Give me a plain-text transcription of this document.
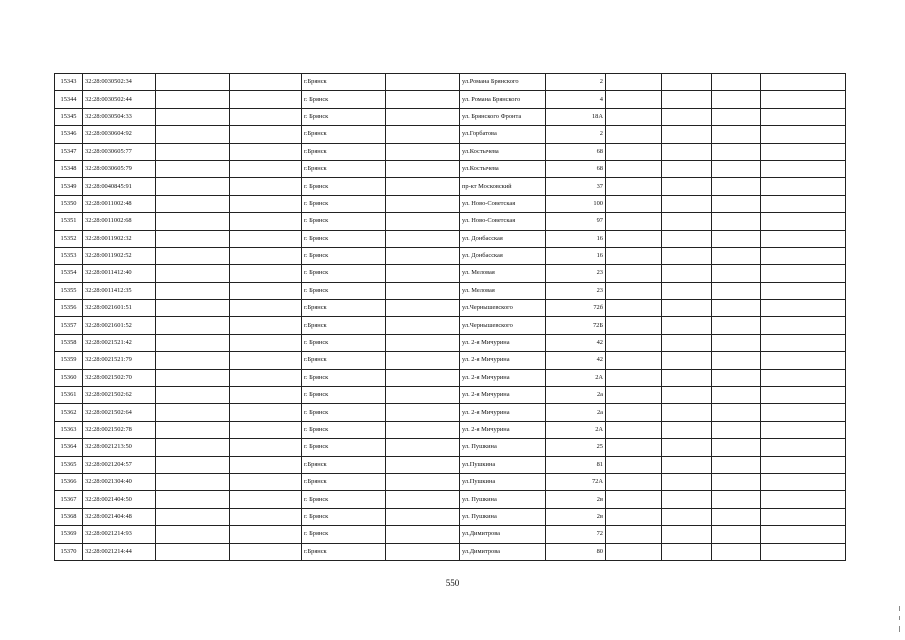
15343	32:28:0030502:34			г.Брянск		ул.Романа Брянского	2				
15344	32:28:0030502:44			г. Брянск		ул. Романа Брянского	4				
15345	32:28:0030504:33			г. Брянск		ул. Брянского Фронта	18А				
15346	32:28:0030604:92			г.Брянск		ул.Горбатова	2				
15347	32:28:0030605:77			г.Брянск		ул.Костычева	68				
15348	32:28:0030605:79			г.Брянск		ул.Костычева	68				
15349	32:28:0040845:91			г. Брянск		пр-кт Московский	37				
15350	32:28:0011002:48			г. Брянск		ул. Ново-Советская	100				
15351	32:28:0011002:68			г. Брянск		ул. Ново-Советская	97				
15352	32:28:0011902:32			г. Брянск		ул. Донбасская	16				
15353	32:28:0011902:52			г. Брянск		ул. Донбасская	16				
15354	32:28:0011412:40			г. Брянск		ул. Меловая	23				
15355	32:28:0011412:35			г. Брянск		ул. Меловая	23				
15356	32:28:0021601:51			г.Брянск		ул.Чернышевского	72б				
15357	32:28:0021601:52			г.Брянск		ул.Чернышевского	72Б				
15358	32:28:0021521:42			г. Брянск		ул. 2-я Мичурина	42				
15359	32:28:0021521:79			г.Брянск		ул. 2-я Мичурина	42				
15360	32:28:0021502:70			г. Брянск		ул. 2-я Мичурина	2А				
15361	32:28:0021502:62			г. Брянск		ул. 2-я Мичурина	2а				
15362	32:28:0021502:64			г. Брянск		ул. 2-я Мичурина	2а				
15363	32:28:0021502:78			г. Брянск		ул. 2-я Мичурина	2А				
15364	32:28:0021213:50			г. Брянск		ул. Пушкина	25				
15365	32:28:0021204:57			г.Брянск		ул.Пушкина	81				
15366	32:28:0021304:40			г.Брянск		ул.Пушкина	72А				
15367	32:28:0021404:50			г. Брянск		ул. Пушкина	2в				
15368	32:28:0021404:48			г. Брянск		ул. Пушкина	2в				
15369	32:28:0021214:93			г. Брянск		ул.Димитрова	72				
15370	32:28:0021214:44			г.Брянск		ул.Димитрова	80				
550
